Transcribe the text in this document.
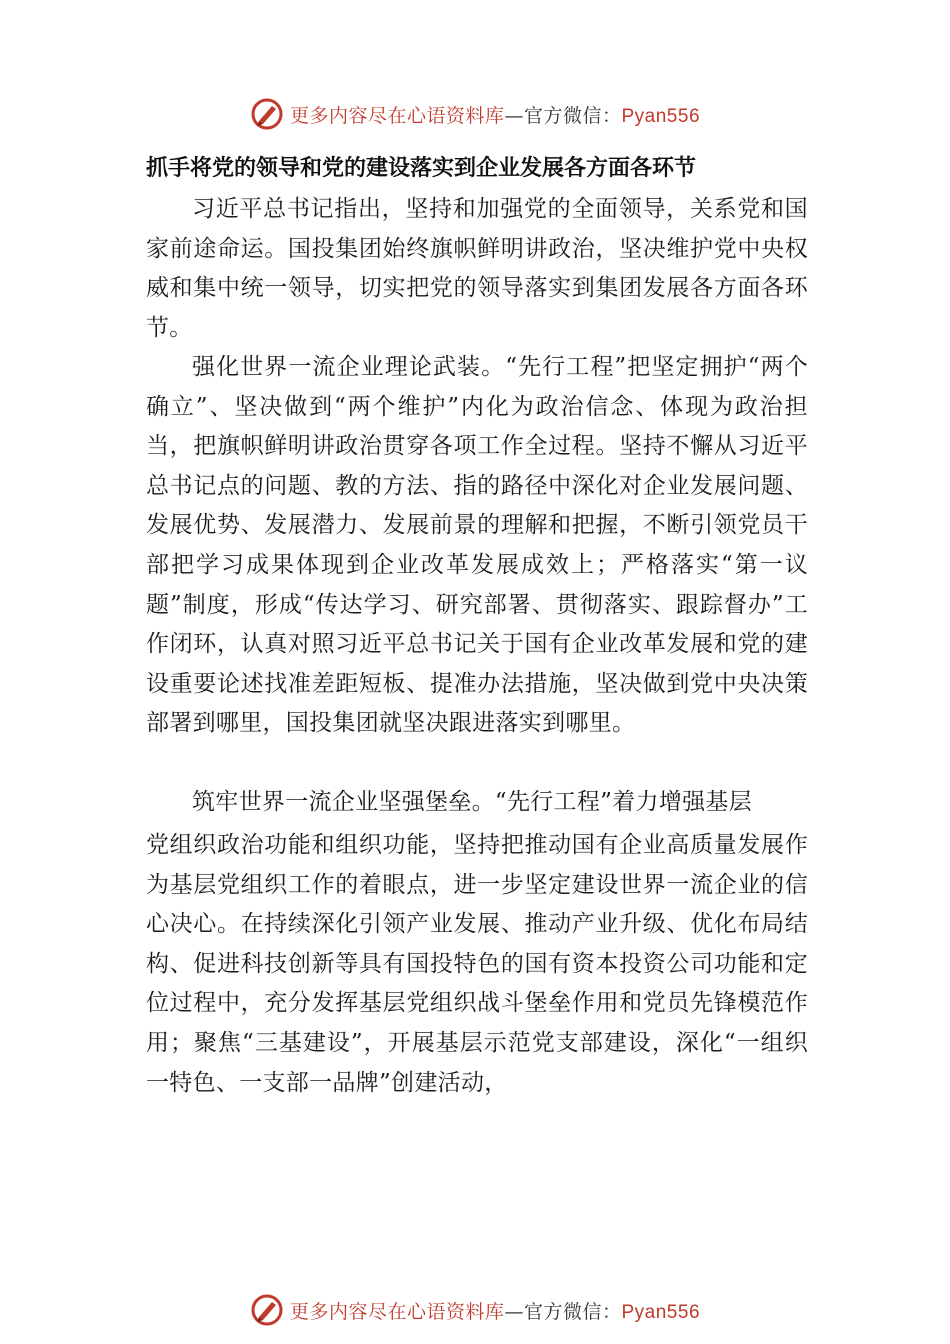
更多内容尽在心语资料库—官方微信：Pyan556
抓手将党的领导和党的建设落实到企业发展各方面各环节

习近平总书记指出，坚持和加强党的全面领导，关系党和国家前途命运。国投集团始终旗帜鲜明讲政治，坚决维护党中央权威和集中统一领导，切实把党的领导落实到集团发展各方面各环节。

强化世界一流企业理论武装。“先行工程”把坚定拥护“两个确立”、坚决做到“两个维护”内化为政治信念、体现为政治担当，把旗帜鲜明讲政治贯穿各项工作全过程。坚持不懈从习近平总书记点的问题、教的方法、指的路径中深化对企业发展问题、发展优势、发展潜力、发展前景的理解和把握，不断引领党员干部把学习成果体现到企业改革发展成效上；严格落实“第一议题”制度，形成“传达学习、研究部署、贯彻落实、跟踪督办”工作闭环，认真对照习近平总书记关于国有企业改革发展和党的建设重要论述找准差距短板、提准办法措施，坚决做到党中央决策部署到哪里，国投集团就坚决跟进落实到哪里。

筑牢世界一流企业坚强堡垒。“先行工程”着力增强基层

党组织政治功能和组织功能，坚持把推动国有企业高质量发展作为基层党组织工作的着眼点，进一步坚定建设世界一流企业的信心决心。在持续深化引领产业发展、推动产业升级、优化布局结构、促进科技创新等具有国投特色的国有资本投资公司功能和定位过程中，充分发挥基层党组织战斗堡垒作用和党员先锋模范作用；聚焦“三基建设”，开展基层示范党支部建设，深化“一组织一特色、一支部一品牌”创建活动，

更多内容尽在心语资料库—官方微信：Pyan556
